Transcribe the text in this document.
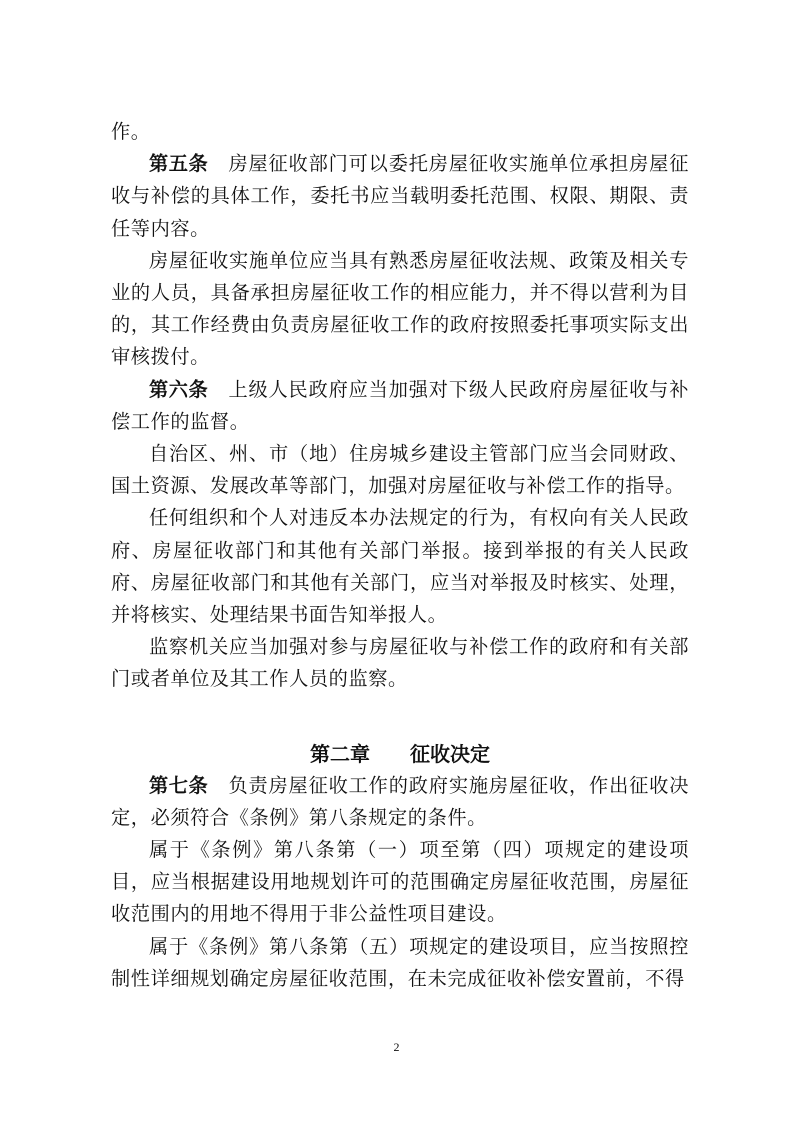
作。

第五条 房屋征收部门可以委托房屋征收实施单位承担房屋征收与补偿的具体工作，委托书应当载明委托范围、权限、期限、责任等内容。

房屋征收实施单位应当具有熟悉房屋征收法规、政策及相关专业的人员，具备承担房屋征收工作的相应能力，并不得以营利为目的，其工作经费由负责房屋征收工作的政府按照委托事项实际支出审核拨付。

第六条 上级人民政府应当加强对下级人民政府房屋征收与补偿工作的监督。

自治区、州、市（地）住房城乡建设主管部门应当会同财政、国土资源、发展改革等部门，加强对房屋征收与补偿工作的指导。

任何组织和个人对违反本办法规定的行为，有权向有关人民政府、房屋征收部门和其他有关部门举报。接到举报的有关人民政府、房屋征收部门和其他有关部门，应当对举报及时核实、处理，并将核实、处理结果书面告知举报人。

监察机关应当加强对参与房屋征收与补偿工作的政府和有关部门或者单位及其工作人员的监察。

第二章 征收决定

第七条 负责房屋征收工作的政府实施房屋征收，作出征收决定，必须符合《条例》第八条规定的条件。

属于《条例》第八条第（一）项至第（四）项规定的建设项目，应当根据建设用地规划许可的范围确定房屋征收范围，房屋征收范围内的用地不得用于非公益性项目建设。

属于《条例》第八条第（五）项规定的建设项目，应当按照控制性详细规划确定房屋征收范围，在未完成征收补偿安置前，不得

2
